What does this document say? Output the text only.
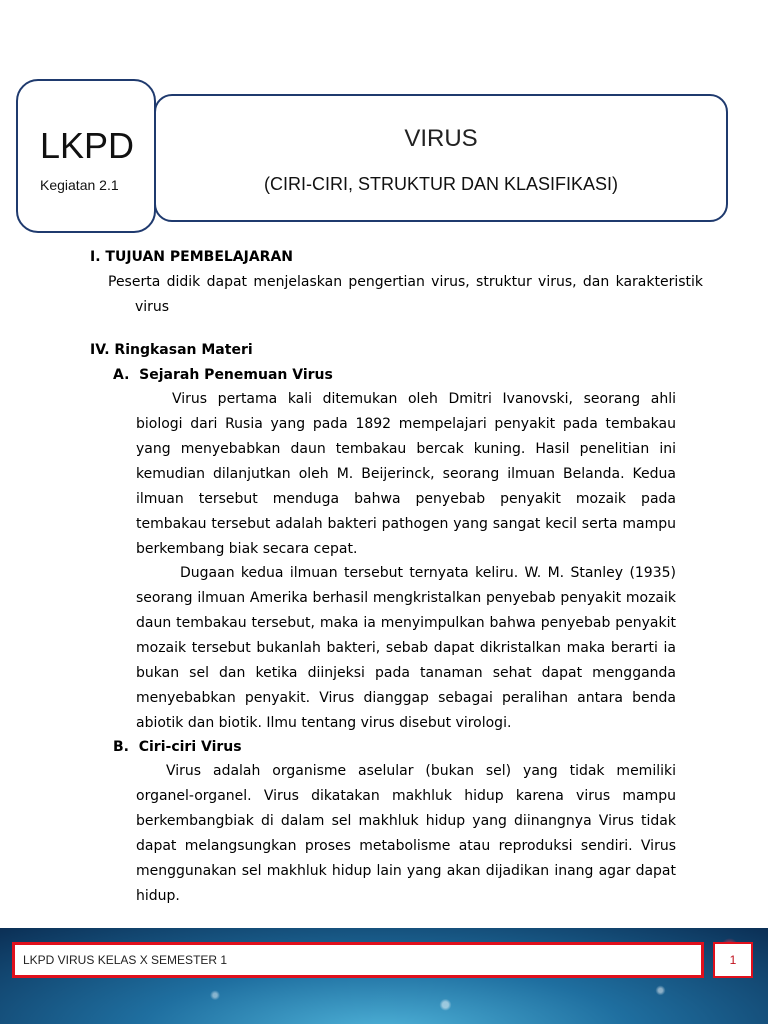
LKPD
Kegiatan 2.1
VIRUS
(CIRI-CIRI, STRUKTUR DAN KLASIFIKASI)
I. TUJUAN PEMBELAJARAN

Peserta didik dapat menjelaskan pengertian virus, struktur virus, dan karakteristik virus

IV. Ringkasan Materi
A.  Sejarah Penemuan Virus

Virus pertama kali ditemukan oleh Dmitri Ivanovski, seorang ahli biologi dari Rusia yang pada 1892 mempelajari penyakit pada tembakau yang menyebabkan daun tembakau bercak kuning. Hasil penelitian ini kemudian dilanjutkan oleh M. Beijerinck, seorang ilmuan Belanda. Kedua ilmuan tersebut menduga bahwa penyebab penyakit mozaik pada tembakau tersebut adalah bakteri pathogen yang sangat kecil serta mampu berkembang biak secara cepat.

Dugaan kedua ilmuan tersebut ternyata keliru. W. M. Stanley (1935) seorang ilmuan Amerika berhasil mengkristalkan penyebab penyakit mozaik daun tembakau tersebut, maka ia menyimpulkan bahwa penyebab penyakit mozaik tersebut bukanlah bakteri, sebab dapat dikristalkan maka berarti ia bukan sel dan ketika diinjeksi pada tanaman sehat dapat mengganda menyebabkan penyakit. Virus dianggap sebagai peralihan antara benda abiotik dan biotik. Ilmu tentang virus disebut virologi.

B.  Ciri-ciri Virus

Virus adalah organisme aselular (bukan sel) yang tidak memiliki organel-organel. Virus dikatakan makhluk hidup karena virus mampu berkembangbiak di dalam sel makhluk hidup yang diinangnya Virus tidak dapat melangsungkan proses metabolisme atau reproduksi sendiri. Virus menggunakan sel makhluk hidup lain yang akan dijadikan inang agar dapat hidup.

LKPD VIRUS KELAS X SEMESTER 1	1
